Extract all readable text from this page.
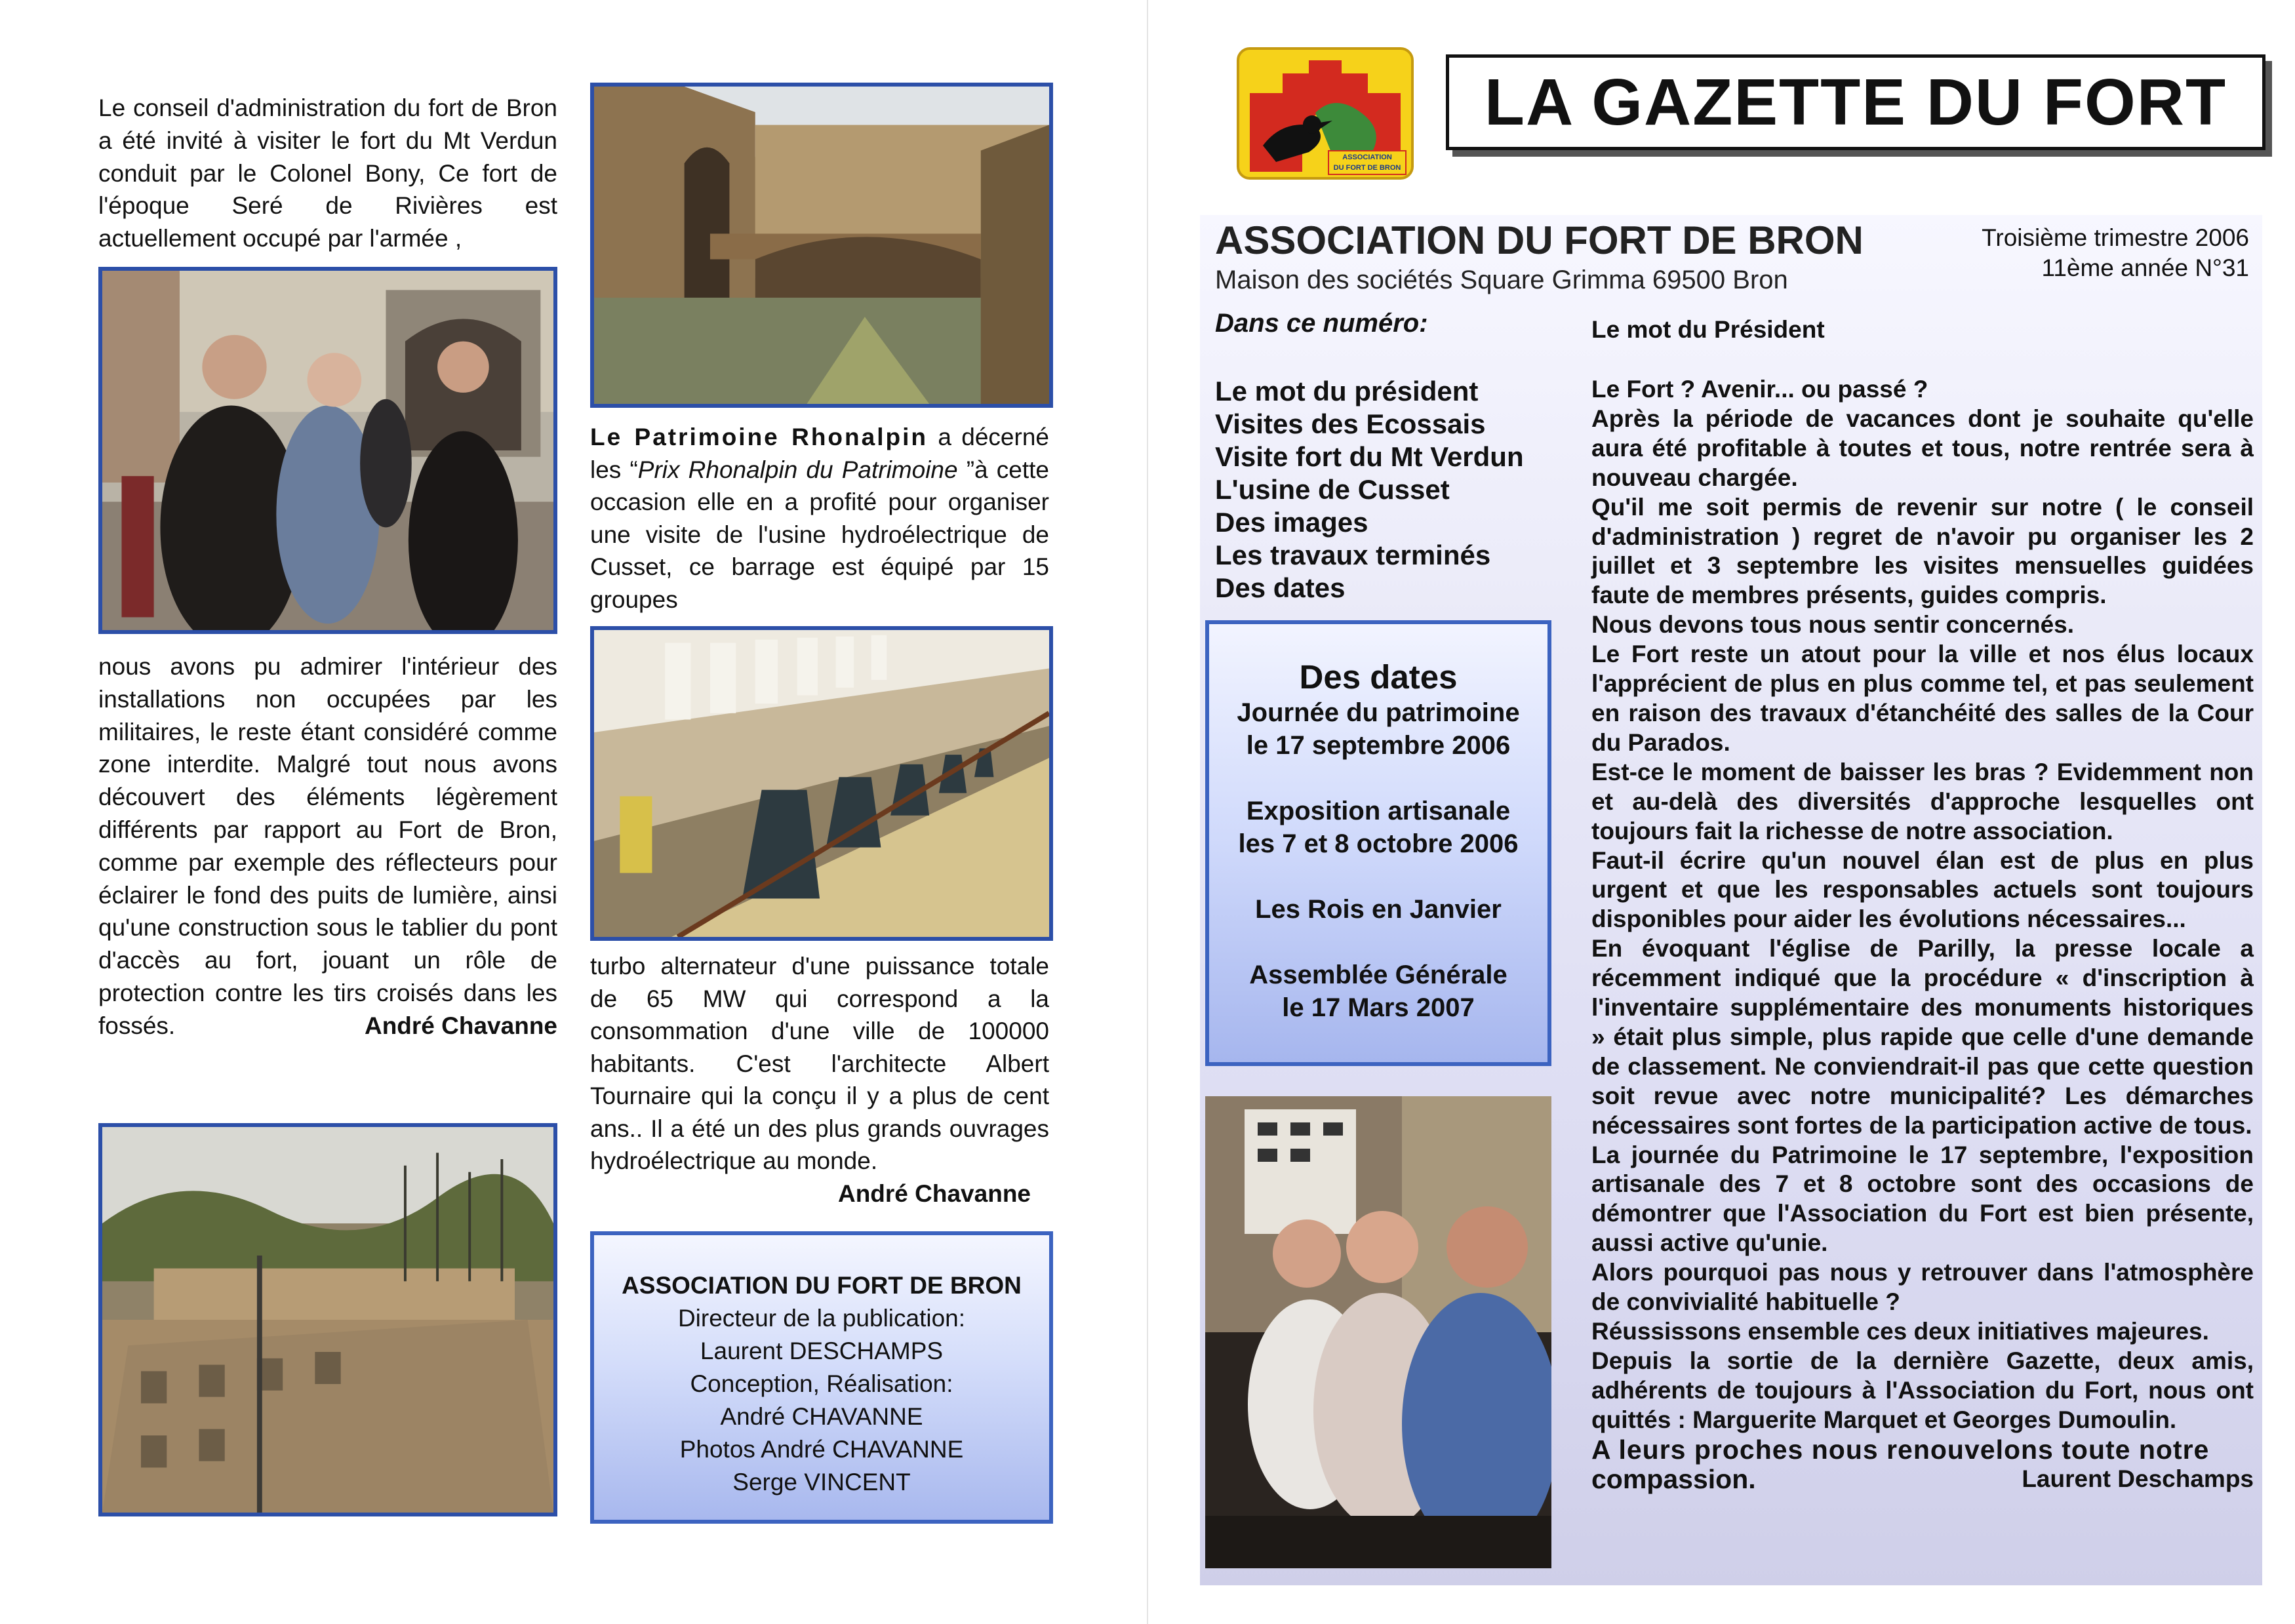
Le conseil d'administration du fort de Bron a été invité à visiter le fort du Mt Verdun conduit par le Colonel Bony, Ce fort de l'époque Seré de Rivières est actuellement occupé par l'armée ,
nous avons pu admirer l'intérieur des installations non occupées par les militaires, le reste étant considéré comme zone interdite. Malgré tout nous avons découvert des éléments légèrement différents par rapport au Fort de Bron, comme par exemple des réflecteurs pour éclairer le fond des puits de lumière, ainsi qu'une construction sous le tablier du pont d'accès au fort, jouant un rôle de protection contre les tirs croisés dans les fossés.	André Chavanne
Le Patrimoine Rhonalpin a décerné les “Prix Rhonalpin du Patrimoine ”à cette occasion elle en a profité pour organiser une visite de l'usine hydroélectrique de Cusset, ce barrage est équipé par 15 groupes
turbo alternateur d'une puissance totale de 65 MW qui correspond a la consommation d'une ville de 100000 habitants. C'est l'architecte Albert Tournaire qui la conçu il y a plus de cent ans.. Il a été un des plus grands ouvrages hydroélectrique au monde.
André Chavanne
ASSOCIATION DU FORT DE BRON
Directeur de la publication:
Laurent DESCHAMPS
Conception, Réalisation:
André CHAVANNE
Photos André CHAVANNE
Serge VINCENT
ASSOCIATION
DU FORT DE BRON
LA GAZETTE DU FORT
ASSOCIATION DU FORT DE BRON
Maison des sociétés Square Grimma 69500 Bron
Troisième trimestre 2006
11ème année N°31
Dans ce numéro:	Le mot du Président
Le mot du président
Visites des Ecossais
Visite fort du Mt Verdun
L'usine de Cusset
Des images
Les travaux terminés
Des dates
Des dates
Journée du patrimoine
le 17 septembre 2006
Exposition artisanale
les 7 et 8 octobre 2006
Les Rois en Janvier
Assemblée Générale
le 17 Mars 2007

Le Fort ? Avenir... ou passé ?

Après la période de vacances dont je souhaite qu'elle aura été profitable à toutes et tous, notre rentrée sera à nouveau chargée.

Qu'il me soit permis de revenir sur notre ( le conseil d'administration ) regret de n'avoir pu organiser les 2 juillet et 3 septembre les visites mensuelles guidées faute de membres présents, guides compris.

Nous devons tous nous sentir concernés.

Le Fort reste un atout pour la ville et nos élus locaux l'apprécient de plus en plus comme tel, et pas seulement en raison des travaux d'étanchéité des salles de la Cour du Parados.

Est-ce le moment de baisser les bras ? Evidemment non et au-delà des diversités d'approche lesquelles ont toujours fait la richesse de notre association.

Faut-il écrire qu'un nouvel élan est de plus en plus urgent et que les responsables actuels sont toujours disponibles pour aider les évolutions nécessaires...

En évoquant l'église de Parilly, la presse locale a récemment indiqué que la procédure « d'inscription à l'inventaire supplémentaire des monuments historiques » était plus simple, plus rapide que celle d'une demande de classement. Ne conviendrait-il pas que cette question soit revue avec notre municipalité? Les démarches nécessaires sont fortes de la participation active de tous.

La journée du Patrimoine le 17 septembre, l'exposition artisanale des 7 et 8 octobre sont des occasions de démontrer que l'Association du Fort est bien présente, aussi active qu'unie.

Alors pourquoi pas nous y retrouver dans l'atmosphère de convivialité habituelle ?

Réussissons ensemble ces deux initiatives majeures.

Depuis la sortie de la dernière Gazette, deux amis, adhérents de toujours à l'Association du Fort, nous ont quittés : Marguerite Marquet et Georges Dumoulin.

A leurs proches nous renouvelons toute notre

compassion.	Laurent Deschamps
